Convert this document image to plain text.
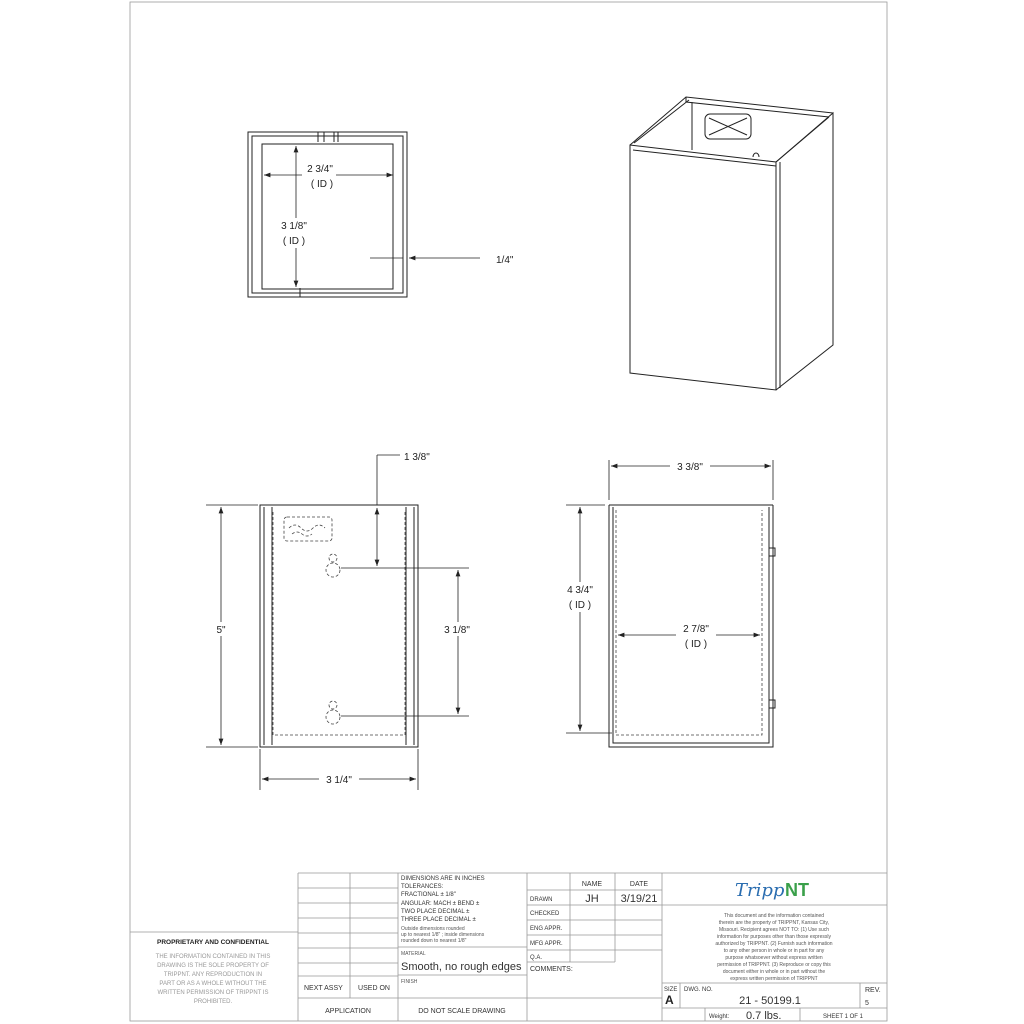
2 3/4"
( ID )
3 1/8"
( ID )
1/4"
1 3/8"
3 1/8"
5"
3 1/4"
3 3/8"
4 3/4"
( ID )
2 7/8"
( ID )
PROPRIETARY AND CONFIDENTIAL
THE INFORMATION CONTAINED IN THIS
DRAWING IS THE SOLE PROPERTY OF
TRIPPNT. ANY REPRODUCTION IN
PART OR AS A WHOLE WITHOUT THE
WRITTEN PERMISSION OF TRIPPNT IS
PROHIBITED.
NEXT ASSY USED ON
APPLICATION
DIMENSIONS ARE IN INCHES
TOLERANCES:
FRACTIONAL ± 1/8"
ANGULAR: MACH ± BEND ±
TWO PLACE DECIMAL ±
THREE PLACE DECIMAL ±
Outside dimensions rounded
up to nearest 1/8" ; inside dimensions
rounded down to nearest 1/8"
MATERIAL
Smooth, no rough edges
FINISH
DO NOT SCALE DRAWING
NAME	DATE
DRAWN	JH 3/19/21
CHECKED
ENG APPR.
MFG APPR.
Q.A.
COMMENTS:
Tripp NT
This document and the information contained
therein are the property of TRIPPNT, Kansas City,
Missouri. Recipient agrees NOT TO: (1) Use such
information for purposes other than those expressly
authorized by TRIPPNT. (2) Furnish such information
to any other person in whole or in part for any
purpose whatsoever without express written
permission of TRIPPNT. (3) Reproduce or copy this
document either in whole or in part without the
express written permission of TRIPPNT
SIZE
A
DWG. NO.
21 - 50199.1
REV.
5
Weight: 0.7 lbs.	SHEET 1 OF 1
